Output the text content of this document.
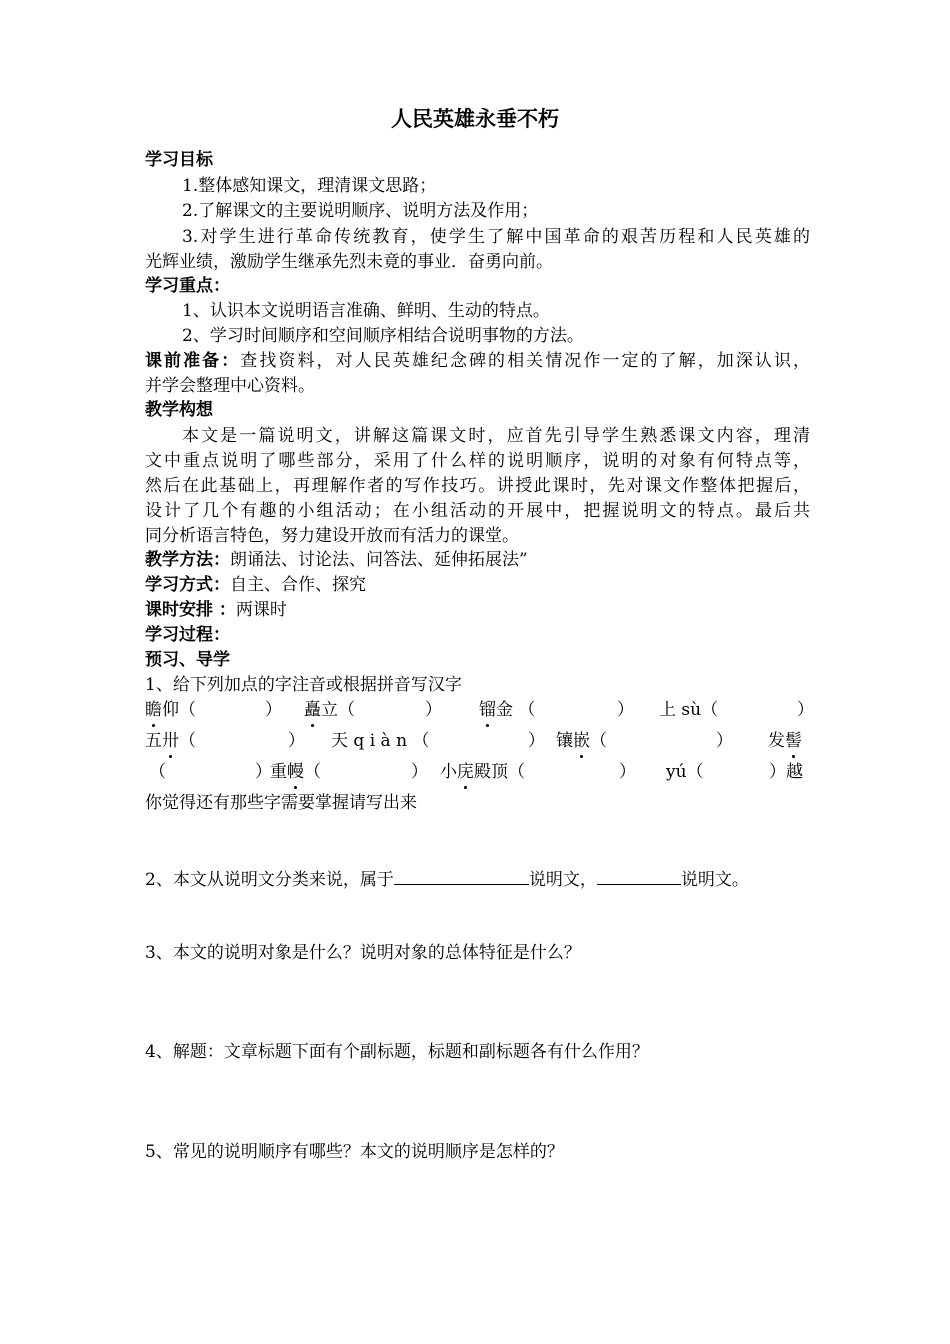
人民英雄永垂不朽
学习目标
1.整体感知课文，理清课文思路；
2.了解课文的主要说明顺序、说明方法及作用；
3.对学生进行革命传统教育，使学生了解中国革命的艰苦历程和人民英雄的
光辉业绩，激励学生继承先烈未竟的事业．奋勇向前。
学习重点：
1、认识本文说明语言准确、鲜明、生动的特点。
2、学习时间顺序和空间顺序相结合说明事物的方法。
课前准备：查找资料，对人民英雄纪念碑的相关情况作一定的了解，加深认识，
并学会整理中心资料。
教学构想
本文是一篇说明文，讲解这篇课文时，应首先引导学生熟悉课文内容，理清
文中重点说明了哪些部分，采用了什么样的说明顺序，说明的对象有何特点等，
然后在此基础上，再理解作者的写作技巧。讲授此课时，先对课文作整体把握后，
设计了几个有趣的小组活动；在小组活动的开展中，把握说明文的特点。最后共
同分析语言特色，努力建设开放而有活力的课堂。
教学方法：朗诵法、讨论法、问答法、延伸拓展法”
学习方式：自主、合作、探究
课时安排 ：两课时
学习过程：
预习、导学
1、给下列加点的字注音或根据拼音写汉字
瞻仰（	） 矗立（	） 镏金 （	） 上 sù（	）
五卅（	） 天 q i à n （	） 镶嵌（	） 发髻
（	）
重幔（	） 小庑殿顶（	） yú（	）越
你觉得还有那些字需要掌握请写出来
2、本文从说明文分类来说，属于	说明文，	说明文。
3、本文的说明对象是什么？说明对象的总体特征是什么？
4、解题：文章标题下面有个副标题，标题和副标题各有什么作用？
5、常见的说明顺序有哪些？本文的说明顺序是怎样的？
